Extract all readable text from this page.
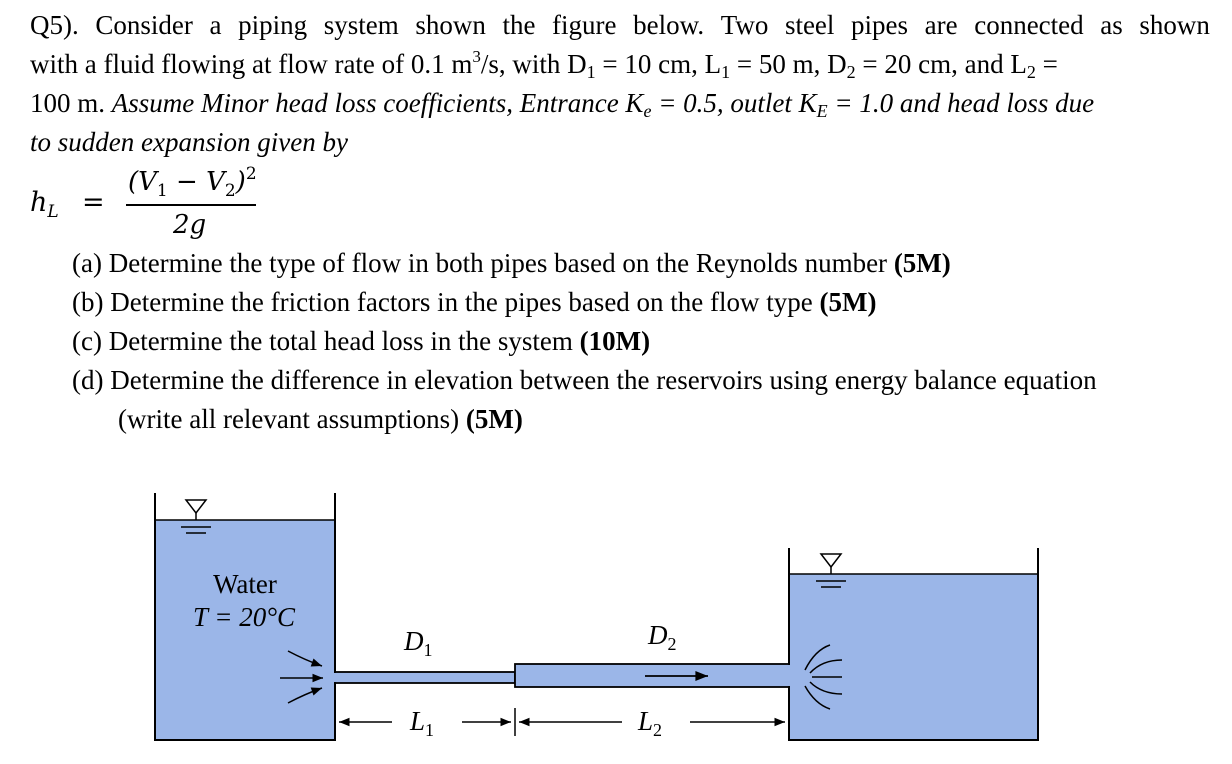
Q5). Consider a piping system shown the figure below. Two steel pipes are connected as shown
with a fluid flowing at flow rate of 0.1 $m^3/s$, with $D_1 = 10$ cm, $L_1 = 50$ m, $D_2 = 20$ cm, and $L_2$ =
100 m. Assume Minor head loss coefficients, Entrance $K_e = 0.5$, outlet $K_E = 1.0$ and head loss due
to sudden expansion given by
$h_L$ =
$(V_1 - V_2)^2$
2g
(a) Determine the type of flow in both pipes based on the Reynolds number (5M)
(b) Determine the friction factors in the pipes based on the flow type (5M)
(c) Determine the total head loss in the system (10M)
(d) Determine the difference in elevation between the reservoirs using energy balance equation
(write all relevant assumptions) (5M)
Water
T = 20°C
$D_1$	$D_2$
$L_1$	$L_2$
